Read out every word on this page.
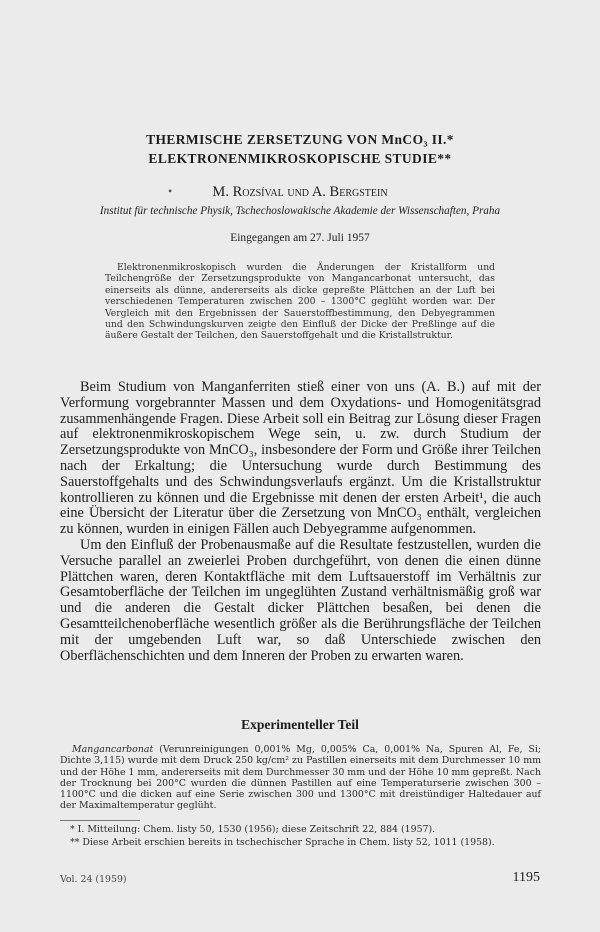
THERMISCHE ZERSETZUNG VON MnCO₃ II.*
ELEKTRONENMIKROSKOPISCHE STUDIE**
•	M. Rozsíval und A. Bergstein
Institut für technische Physik, Tschechoslowakische Akademie der Wissenschaften, Praha
Eingegangen am 27. Juli 1957

Elektronenmikroskopisch wurden die Änderungen der Kristallform und Teilchengröße der Zersetzungsprodukte von Mangancarbonat untersucht, das einerseits als dünne, andererseits als dicke gepreßte Plättchen an der Luft bei verschiedenen Temperaturen zwischen 200 – 1300°C geglüht worden war. Der Vergleich mit den Ergebnissen der Sauerstoffbestimmung, den Debyegrammen und den Schwindungskurven zeigte den Einfluß der Dicke der Preßlinge auf die äußere Gestalt der Teilchen, den Sauerstoffgehalt und die Kristallstruktur.

Beim Studium von Manganferriten stieß einer von uns (A. B.) auf mit der Verformung vorgebrannter Massen und dem Oxydations- und Homogenitätsgrad zusammenhängende Fragen. Diese Arbeit soll ein Beitrag zur Lösung dieser Fragen auf elektronenmikroskopischem Wege sein, u. zw. durch Studium der Zersetzungsprodukte von MnCO₃, insbesondere der Form und Größe ihrer Teilchen nach der Erkaltung; die Untersuchung wurde durch Bestimmung des Sauerstoffgehalts und des Schwindungsverlaufs ergänzt. Um die Kristallstruktur kontrollieren zu können und die Ergebnisse mit denen der ersten Arbeit¹, die auch eine Übersicht der Literatur über die Zersetzung von MnCO₃ enthält, vergleichen zu können, wurden in einigen Fällen auch Debyegramme aufgenommen.

Um den Einfluß der Probenausmaße auf die Resultate festzustellen, wurden die Versuche parallel an zweierlei Proben durchgeführt, von denen die einen dünne Plättchen waren, deren Kontaktfläche mit dem Luftsauerstoff im Verhältnis zur Gesamtoberfläche der Teilchen im ungeglühten Zustand verhältnismäßig groß war und die anderen die Gestalt dicker Plättchen besaßen, bei denen die Gesamtteilchenoberfläche wesentlich größer als die Berührungsfläche der Teilchen mit der umgebenden Luft war, so daß Unterschiede zwischen den Oberflächenschichten und dem Inneren der Proben zu erwarten waren.

Experimenteller Teil

Mangancarbonat (Verunreinigungen 0,001% Mg, 0,005% Ca, 0,001% Na, Spuren Al, Fe, Si; Dichte 3,115) wurde mit dem Druck 250 kg/cm² zu Pastillen einerseits mit dem Durchmesser 10 mm und der Höhe 1 mm, andererseits mit dem Durchmesser 30 mm und der Höhe 10 mm gepreßt. Nach der Trocknung bei 200°C wurden die dünnen Pastillen auf eine Temperaturserie zwischen 300 – 1100°C und die dicken auf eine Serie zwischen 300 und 1300°C mit dreistündiger Haltedauer auf der Maximaltemperatur geglüht.

* I. Mitteilung: Chem. listy 50, 1530 (1956); diese Zeitschrift 22, 884 (1957).
** Diese Arbeit erschien bereits in tschechischer Sprache in Chem. listy 52, 1011 (1958).
Vol. 24 (1959)	1195
